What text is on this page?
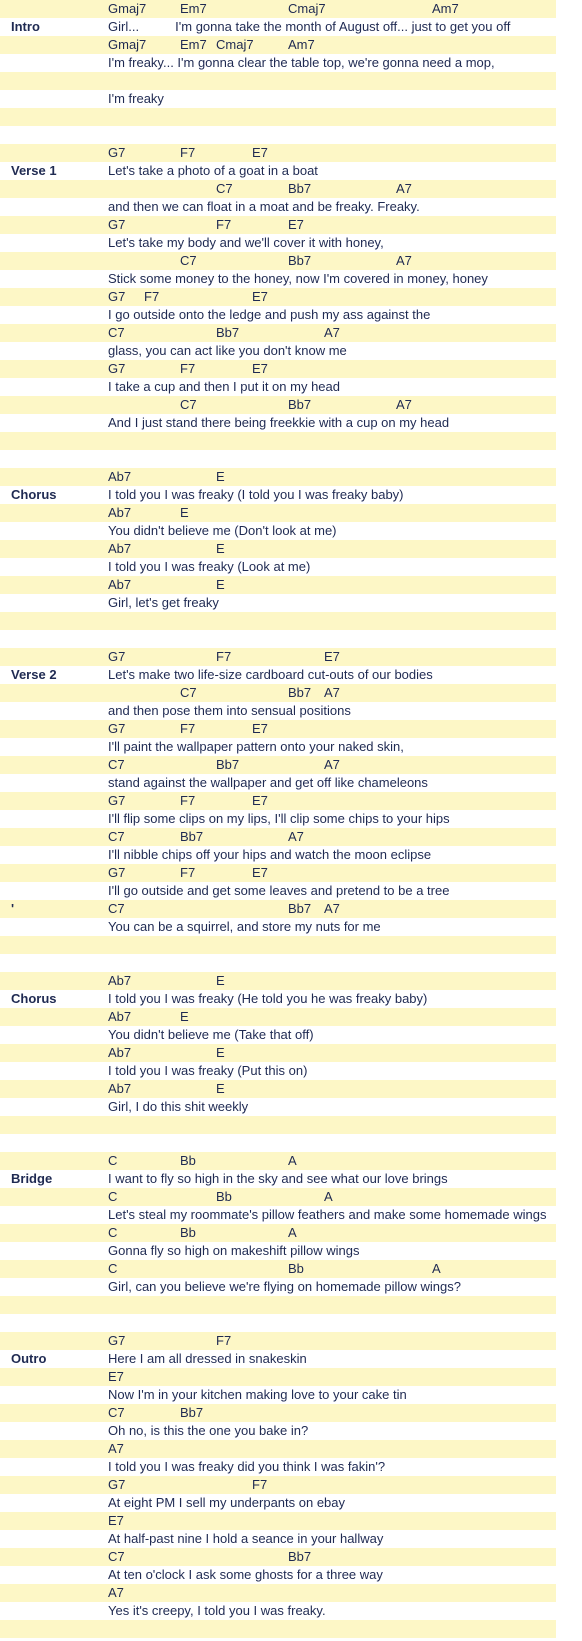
Gmaj7	Em7	Cmaj7	Am7
Intro	Girl...          I'm gonna take the month of August off... just to get you off
Gmaj7	Em7 Cmaj7	Am7
I'm freaky... I'm gonna clear the table top, we're gonna need a mop,
I'm freaky
G7	F7	E7
Verse 1	Let's take a photo of a goat in a boat
C7	Bb7	A7
and then we can float in a moat and be freaky. Freaky.
G7	F7	E7
Let's take my body and we'll cover it with honey,
C7	Bb7	A7
Stick some money to the honey, now I'm covered in money, honey
G7 F7	E7
I go outside onto the ledge and push my ass against the
C7	Bb7	A7
glass, you can act like you don't know me
G7	F7	E7
I take a cup and then I put it on my head
C7	Bb7	A7
And I just stand there being freekkie with a cup on my head
Ab7	E
Chorus	I told you I was freaky (I told you I was freaky baby)
Ab7	E
You didn't believe me (Don't look at me)
Ab7	E
I told you I was freaky (Look at me)
Ab7	E
Girl, let's get freaky
G7	F7	E7
Verse 2	Let's make two life-size cardboard cut-outs of our bodies
C7	Bb7 A7
and then pose them into sensual positions
G7	F7	E7
I'll paint the wallpaper pattern onto your naked skin,
C7	Bb7	A7
stand against the wallpaper and get off like chameleons
G7	F7	E7
I'll flip some clips on my lips, I'll clip some chips to your hips
C7	Bb7	A7
I'll nibble chips off your hips and watch the moon eclipse
G7	F7	E7
I'll go outside and get some leaves and pretend to be a tree
'	C7	Bb7 A7
You can be a squirrel, and store my nuts for me
Ab7	E
Chorus	I told you I was freaky (He told you he was freaky baby)
Ab7	E
You didn't believe me (Take that off)
Ab7	E
I told you I was freaky (Put this on)
Ab7	E
Girl, I do this shit weekly
C	Bb	A
Bridge	I want to fly so high in the sky and see what our love brings
C	Bb	A
Let's steal my roommate's pillow feathers and make some homemade wings
C	Bb	A
Gonna fly so high on makeshift pillow wings
C	Bb	A
Girl, can you believe we're flying on homemade pillow wings?
G7	F7
Outro	Here I am all dressed in snakeskin
E7
Now I'm in your kitchen making love to your cake tin
C7	Bb7
Oh no, is this the one you bake in?
A7
I told you I was freaky did you think I was fakin'?
G7	F7
At eight PM I sell my underpants on ebay
E7
At half-past nine I hold a seance in your hallway
C7	Bb7
At ten o'clock I ask some ghosts for a three way
A7
Yes it's creepy, I told you I was freaky.
